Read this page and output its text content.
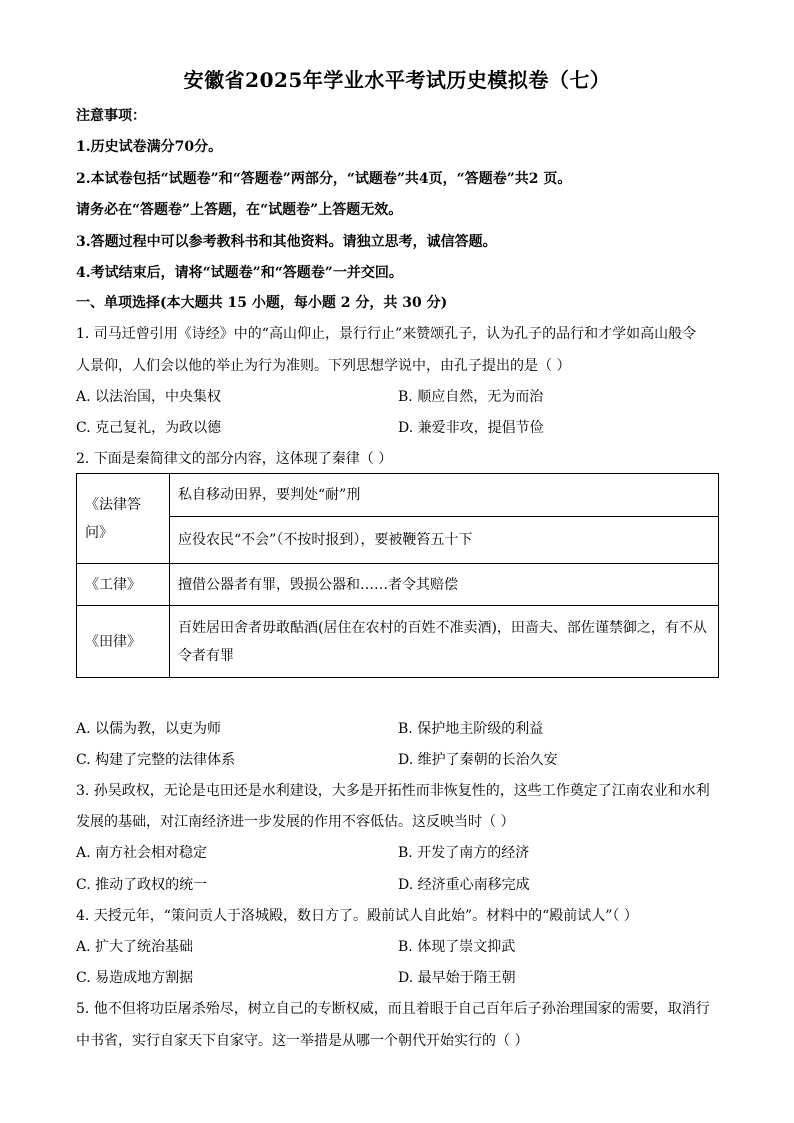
安徽省2025年学业水平考试历史模拟卷（七）
注意事项：
1.历史试卷满分70分。
2.本试卷包括“试题卷”和“答题卷”两部分，“试题卷”共4页，“答题卷”共2 页。
请务必在“答题卷”上答题，在“试题卷”上答题无效。
3.答题过程中可以参考教科书和其他资料。请独立思考，诚信答题。
4.考试结束后，请将“试题卷”和“答题卷”一并交回。
一、单项选择(本大题共 15 小题，每小题 2 分，共 30 分)
1. 司马迁曾引用《诗经》中的“高山仰止，景行行止”来赞颂孔子，认为孔子的品行和才学如高山般令
人景仰，人们会以他的举止为行为准则。下列思想学说中，由孔子提出的是（ ）
A. 以法治国，中央集权	B. 顺应自然，无为而治
C. 克己复礼，为政以德	D. 兼爱非攻，提倡节俭
2. 下面是秦简律文的部分内容，这体现了秦律（ ）
《法律答
问》	私自移动田界，要判处“耐”刑
	应役农民“不会”（不按时报到），要被鞭笞五十下
《工律》	擅借公器者有罪，毁损公器和……者令其赔偿
《田律》	百姓居田舍者毋敢酤酒(居住在农村的百姓不准卖酒)，田啬夫、部佐谨禁御之，有不从
令者有罪
A. 以儒为教，以吏为师	B. 保护地主阶级的利益
C. 构建了完整的法律体系	D. 维护了秦朝的长治久安
3. 孙吴政权，无论是屯田还是水利建设，大多是开拓性而非恢复性的，这些工作奠定了江南农业和水利
发展的基础，对江南经济进一步发展的作用不容低估。这反映当时（ ）
A. 南方社会相对稳定	B. 开发了南方的经济
C. 推动了政权的统一	D. 经济重心南移完成
4. 天授元年，“策问贡人于洛城殿，数日方了。殿前试人自此始”。材料中的“殿前试人”（ ）
A. 扩大了统治基础	B. 体现了崇文抑武
C. 易造成地方割据	D. 最早始于隋王朝
5. 他不但将功臣屠杀殆尽，树立自己的专断权威，而且着眼于自己百年后子孙治理国家的需要，取消行
中书省，实行自家天下自家守。这一举措是从哪一个朝代开始实行的（ ）
